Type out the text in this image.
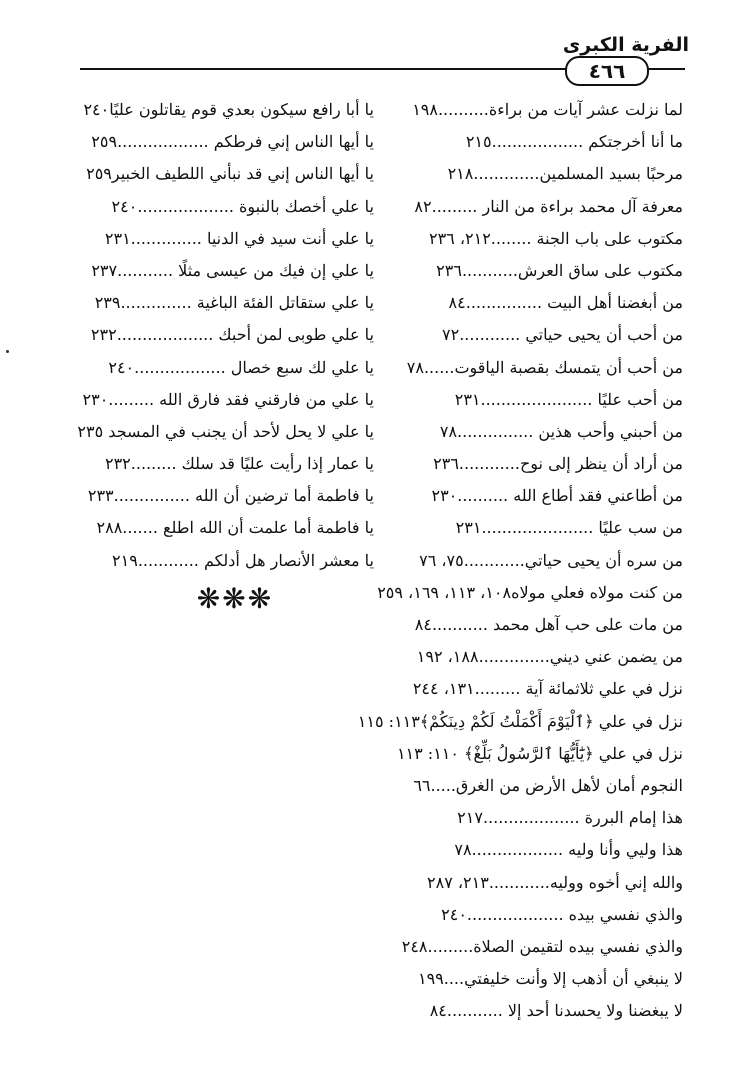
الفرية الكبرى
٤٦٦
لما نزلت عشر آيات من براءة..........١٩٨
ما أنا أخرجتكم ..................٢١٥
مرحبًا بسيد المسلمين.............٢١٨
معرفة آل محمد براءة من النار .........٨٢
مكتوب على باب الجنة ........٢١٢، ٢٣٦
مكتوب على ساق العرش...........٢٣٦
من أبغضنا أهل البيت ...............٨٤
من أحب أن يحيى حياتي ............٧٢
من أحب أن يتمسك بقصبة الياقوت......٧٨
من أحب عليًا ......................٢٣١
من أحبني وأحب هذين ...............٧٨
من أراد أن ينظر إلى نوح............٢٣٦
من أطاعني فقد أطاع الله ..........٢٣٠
من سب عليًا ......................٢٣١
من سره أن يحيى حياتي............٧٥، ٧٦
من كنت مولاه فعلي مولاه١٠٨، ١١٣، ١٦٩، ٢٥٩
من مات على حب آهل محمد ...........٨٤
من يضمن عني ديني..............١٨٨، ١٩٢
نزل في علي ثلاثمائة آية .........١٣١، ٢٤٤
نزل في علي ﴿ٱلْيَوْمَ أَكْمَلْتُ لَكُمْ دِينَكُمْ﴾١١٣: ١١٥
نزل في علي ﴿يَٰٓأَيُّهَا ٱلرَّسُولُ بَلِّغْ﴾ ١١٠: ١١٣
النجوم أمان لأهل الأرض من الغرق.....٦٦
هذا إمام البررة ...................٢١٧
هذا وليي وأنا وليه ..................٧٨
والله إني أخوه ووليه............٢١٣، ٢٨٧
والذي نفسي بيده ...................٢٤٠
والذي نفسي بيده لتقيمن الصلاة.........٢٤٨
لا ينبغي أن أذهب إلا وأنت خليفتي....١٩٩
لا يبغضنا ولا يحسدنا أحد إلا ...........٨٤
يا أبا رافع سيكون بعدي قوم يقاتلون عليًا٢٤٠
يا أيها الناس إني فرطكم ..................٢٥٩
يا أيها الناس إني قد نبأني اللطيف الخبير٢٥٩
يا علي أخصك بالنبوة ...................٢٤٠
يا علي أنت سيد في الدنيا ..............٢٣١
يا علي إن فيك من عيسى مثلًا ...........٢٣٧
يا علي ستقاتل الفئة الباغية ..............٢٣٩
يا علي طوبى لمن أحبك ...................٢٣٢
يا علي لك سبع خصال ..................٢٤٠
يا علي من فارقني فقد فارق الله .........٢٣٠
يا علي لا يحل لأحد أن يجنب في المسجد ٢٣٥
يا عمار إذا رأيت عليًا قد سلك .........٢٣٢
يا فاطمة أما ترضين أن الله ...............٢٣٣
يا فاطمة أما علمت أن الله اطلع .......٢٨٨
يا معشر الأنصار هل أدلكم ............٢١٩
❋❋❋
